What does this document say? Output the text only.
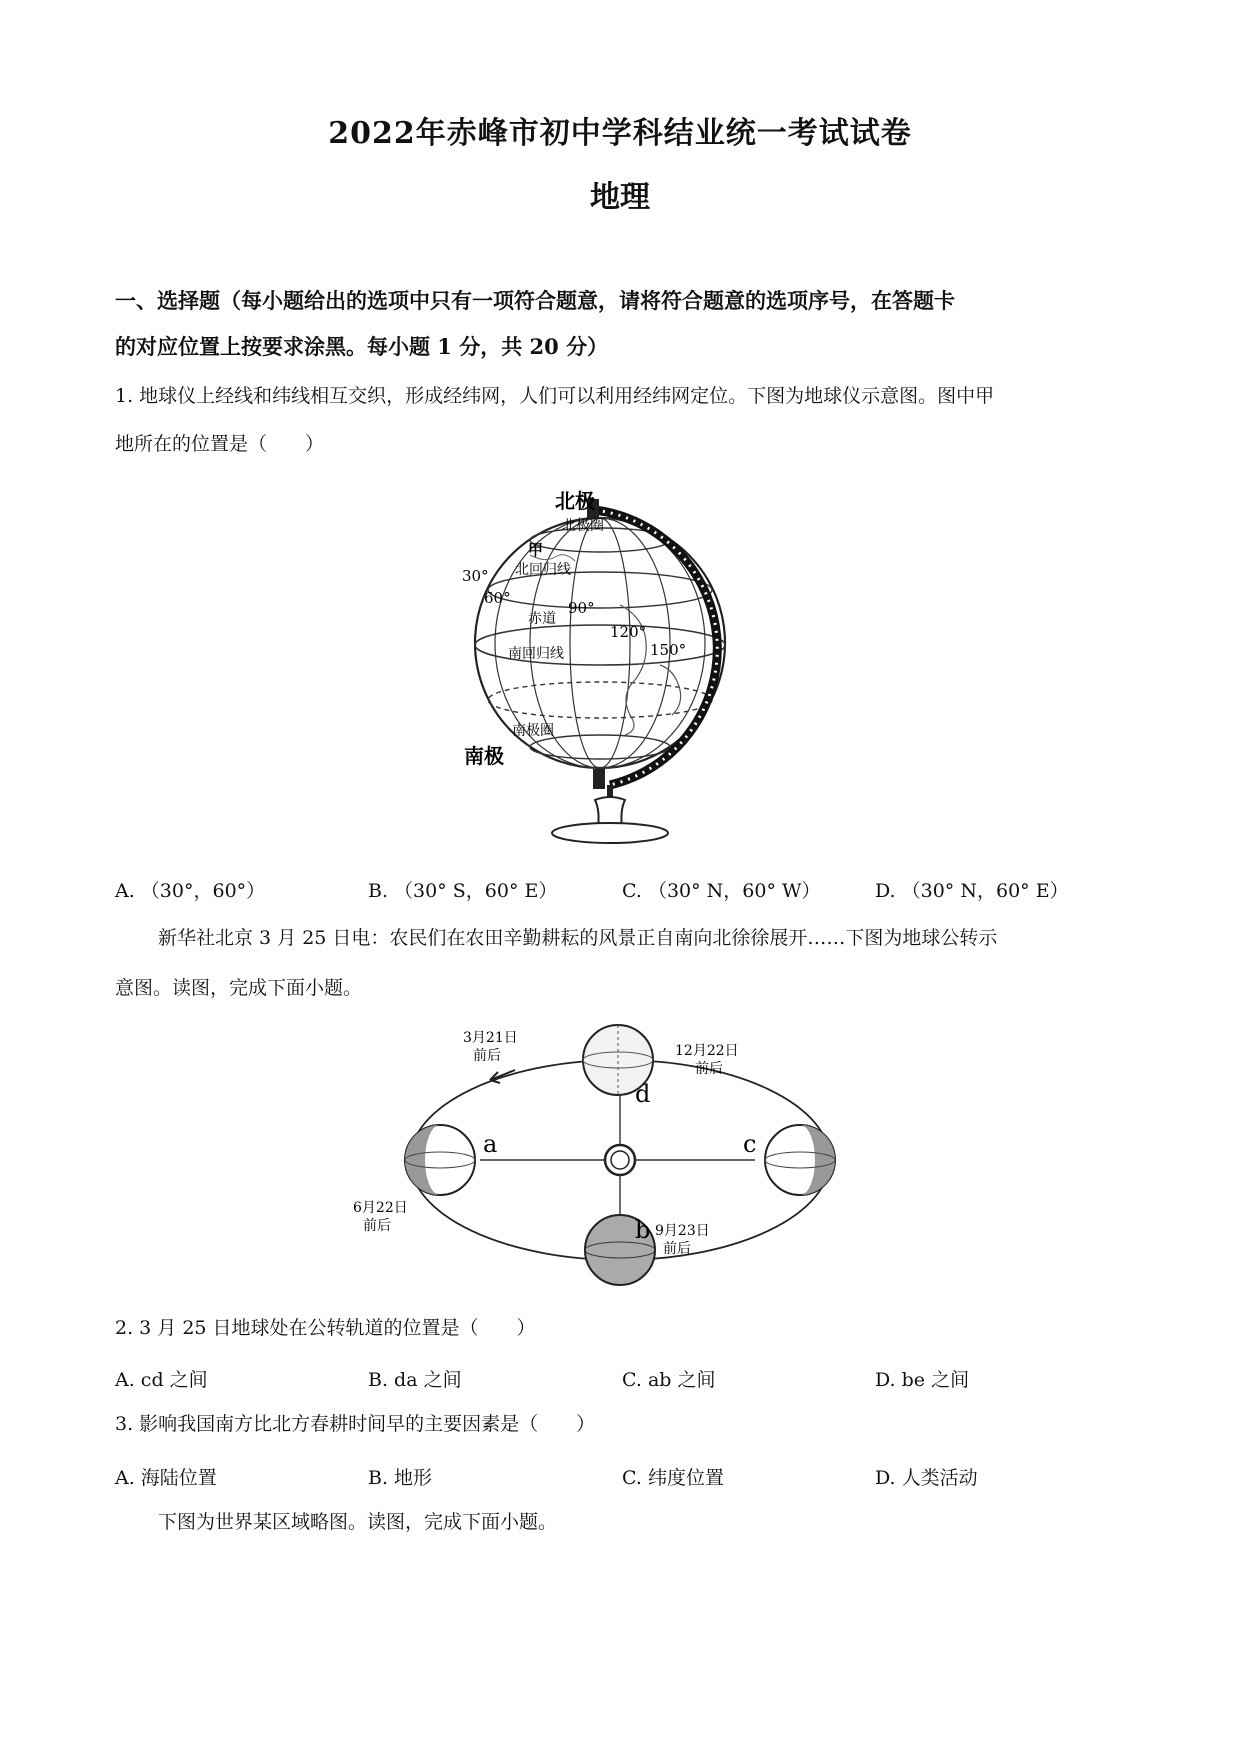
2022年赤峰市初中学科结业统一考试试卷
地理
一、选择题（每小题给出的选项中只有一项符合题意，请将符合题意的选项序号，在答题卡
的对应位置上按要求涂黑。每小题 1 分，共 20 分）
1. 地球仪上经线和纬线相互交织，形成经纬网，人们可以利用经纬网定位。下图为地球仪示意图。图中甲
地所在的位置是（　　）
北极
北极圈
甲
北回归线
30°
60°
赤道
90°
120°
150°
南回归线
南极圈
南极
A. （30°，60°）	B. （30° S，60° E）	C. （30° N，60° W）	D. （30° N，60° E）
新华社北京 3 月 25 日电：农民们在农田辛勤耕耘的风景正自南向北徐徐展开……下图为地球公转示
意图。读图，完成下面小题。
3月21日
前后	12月22日
前后
6月22日
前后	9月23日
前后
a
b
c
d
2. 3 月 25 日地球处在公转轨道的位置是（　　）
A. cd 之间	B. da 之间	C. ab 之间	D. be 之间
3. 影响我国南方比北方春耕时间早的主要因素是（　　）
A. 海陆位置	B. 地形	C. 纬度位置	D. 人类活动
下图为世界某区域略图。读图，完成下面小题。
